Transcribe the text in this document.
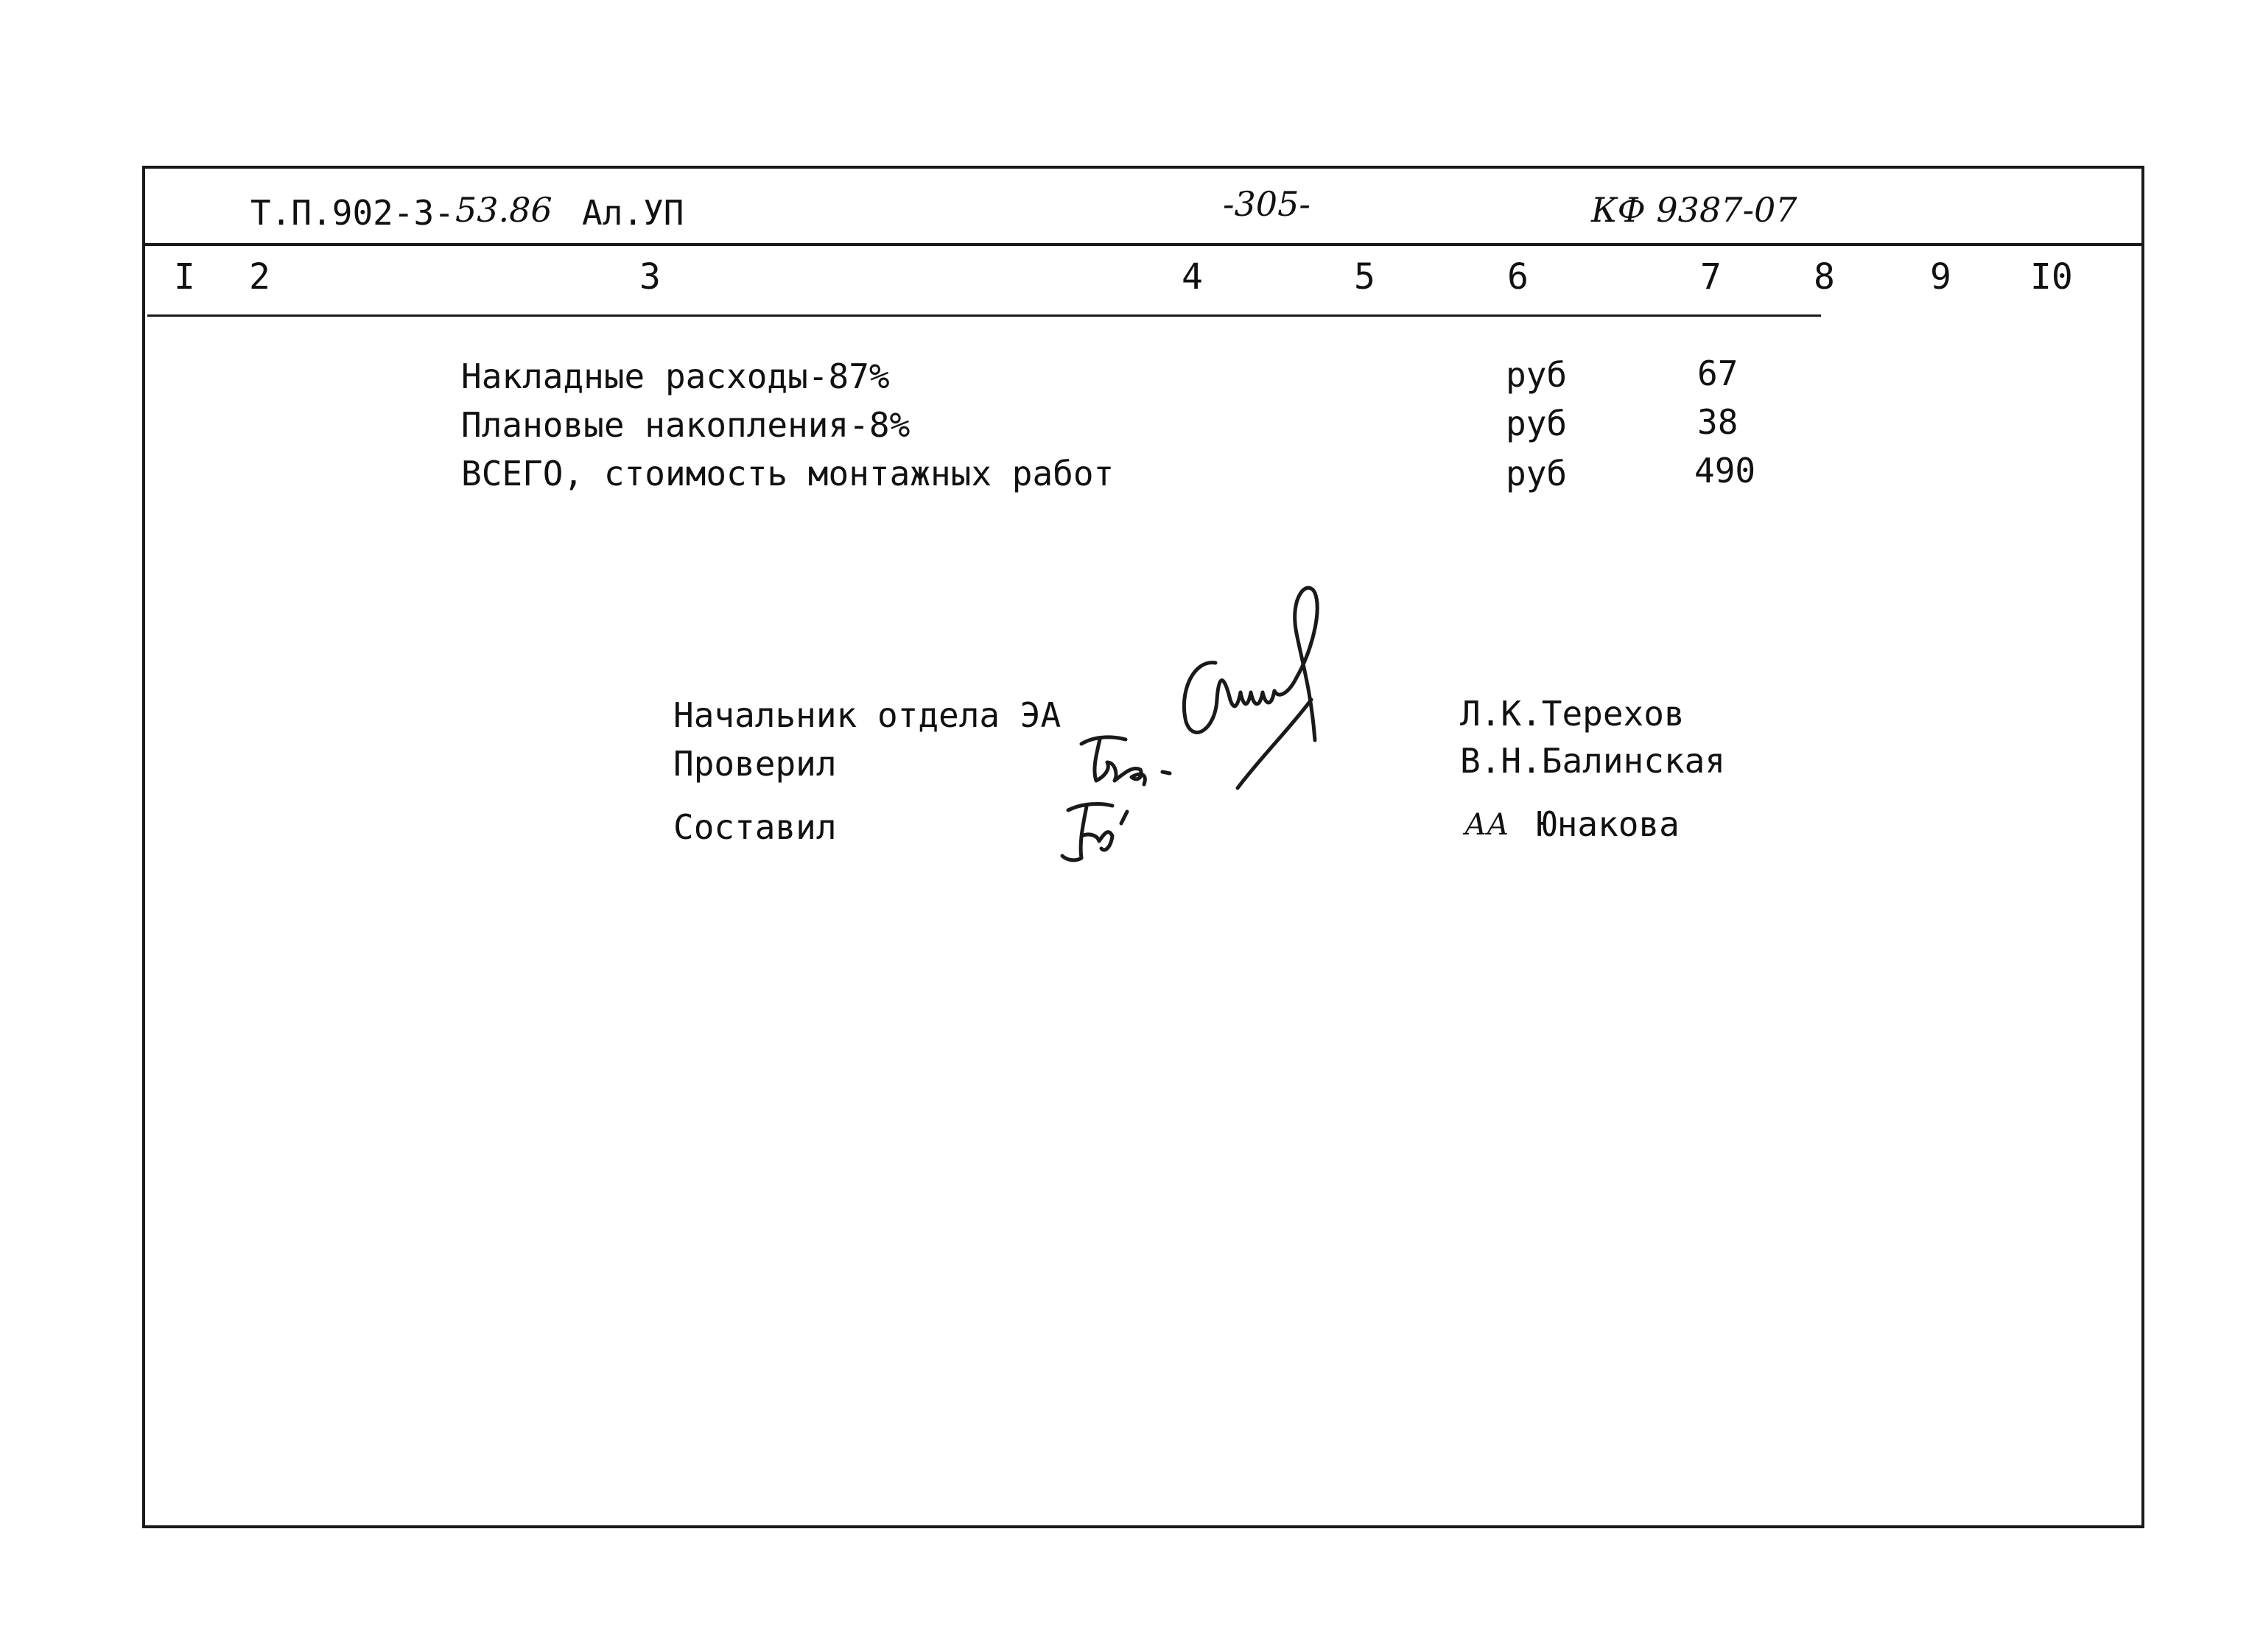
Т.П.902-3- 53.86 Ал.УП	-305-	КФ 9387-07
I 2	3	4	5	6	7	8	9 I0
Накладные расходы-87%	руб	67
Плановые накопления-8%	руб	38
ВСЕГО, стоимость монтажных работ	руб	490
Начальник отдела ЭА	Л.К.Терехов
Проверил	В.Н.Балинская
Составил	АА Юнакова
